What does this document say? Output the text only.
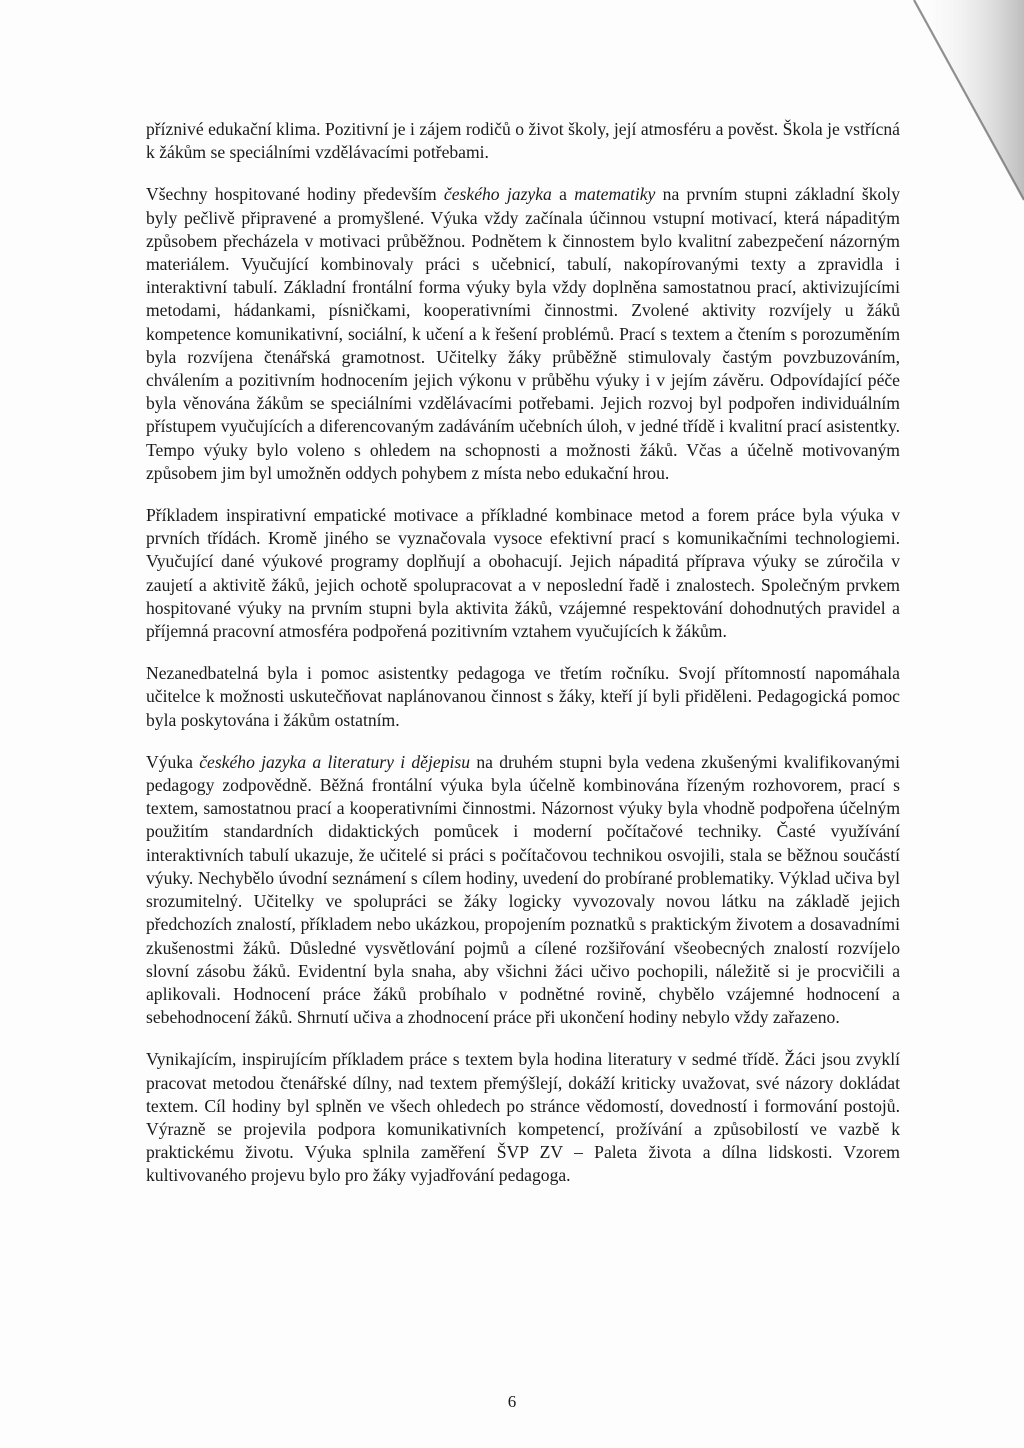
příznivé edukační klima. Pozitivní je i zájem rodičů o život školy, její atmosféru a pověst. Škola je vstřícná k žákům se speciálními vzdělávacími potřebami.

Všechny hospitované hodiny především českého jazyka a matematiky na prvním stupni základní školy byly pečlivě připravené a promyšlené. Výuka vždy začínala účinnou vstupní motivací, která nápaditým způsobem přecházela v motivaci průběžnou. Podnětem k činnostem bylo kvalitní zabezpečení názorným materiálem. Vyučující kombinovaly práci s učebnicí, tabulí, nakopírovanými texty a zpravidla i interaktivní tabulí. Základní frontální forma výuky byla vždy doplněna samostatnou prací, aktivizujícími metodami, hádankami, písničkami, kooperativními činnostmi. Zvolené aktivity rozvíjely u žáků kompetence komunikativní, sociální, k učení a k řešení problémů. Prací s textem a čtením s porozuměním byla rozvíjena čtenářská gramotnost. Učitelky žáky průběžně stimulovaly častým povzbuzováním, chválením a pozitivním hodnocením jejich výkonu v průběhu výuky i v jejím závěru. Odpovídající péče byla věnována žákům se speciálními vzdělávacími potřebami. Jejich rozvoj byl podpořen individuálním přístupem vyučujících a diferencovaným zadáváním učebních úloh, v jedné třídě i kvalitní prací asistentky. Tempo výuky bylo voleno s ohledem na schopnosti a možnosti žáků. Včas a účelně motivovaným způsobem jim byl umožněn oddych pohybem z místa nebo edukační hrou.

Příkladem inspirativní empatické motivace a příkladné kombinace metod a forem práce byla výuka v prvních třídách. Kromě jiného se vyznačovala vysoce efektivní prací s komunikačními technologiemi. Vyučující dané výukové programy doplňují a obohacují. Jejich nápaditá příprava výuky se zúročila v zaujetí a aktivitě žáků, jejich ochotě spolupracovat a v neposlední řadě i znalostech. Společným prvkem hospitované výuky na prvním stupni byla aktivita žáků, vzájemné respektování dohodnutých pravidel a příjemná pracovní atmosféra podpořená pozitivním vztahem vyučujících k žákům.

Nezanedbatelná byla i pomoc asistentky pedagoga ve třetím ročníku. Svojí přítomností napomáhala učitelce k možnosti uskutečňovat naplánovanou činnost s žáky, kteří jí byli přiděleni. Pedagogická pomoc byla poskytována i žákům ostatním.

Výuka českého jazyka a literatury i dějepisu na druhém stupni byla vedena zkušenými kvalifikovanými pedagogy zodpovědně. Běžná frontální výuka byla účelně kombinována řízeným rozhovorem, prací s textem, samostatnou prací a kooperativními činnostmi. Názornost výuky byla vhodně podpořena účelným použitím standardních didaktických pomůcek i moderní počítačové techniky. Časté využívání interaktivních tabulí ukazuje, že učitelé si práci s počítačovou technikou osvojili, stala se běžnou součástí výuky. Nechybělo úvodní seznámení s cílem hodiny, uvedení do probírané problematiky. Výklad učiva byl srozumitelný. Učitelky ve spolupráci se žáky logicky vyvozovaly novou látku na základě jejich předchozích znalostí, příkladem nebo ukázkou, propojením poznatků s praktickým životem a dosavadními zkušenostmi žáků. Důsledné vysvětlování pojmů a cílené rozšiřování všeobecných znalostí rozvíjelo slovní zásobu žáků. Evidentní byla snaha, aby všichni žáci učivo pochopili, náležitě si je procvičili a aplikovali. Hodnocení práce žáků probíhalo v podnětné rovině, chybělo vzájemné hodnocení a sebehodnocení žáků. Shrnutí učiva a zhodnocení práce při ukončení hodiny nebylo vždy zařazeno.

Vynikajícím, inspirujícím příkladem práce s textem byla hodina literatury v sedmé třídě. Žáci jsou zvyklí pracovat metodou čtenářské dílny, nad textem přemýšlejí, dokáží kriticky uvažovat, své názory dokládat textem. Cíl hodiny byl splněn ve všech ohledech po stránce vědomostí, dovedností i formování postojů. Výrazně se projevila podpora komunikativních kompetencí, prožívání a způsobilostí ve vazbě k praktickému životu. Výuka splnila zaměření ŠVP ZV – Paleta života a dílna lidskosti. Vzorem kultivovaného projevu bylo pro žáky vyjadřování pedagoga.

6
